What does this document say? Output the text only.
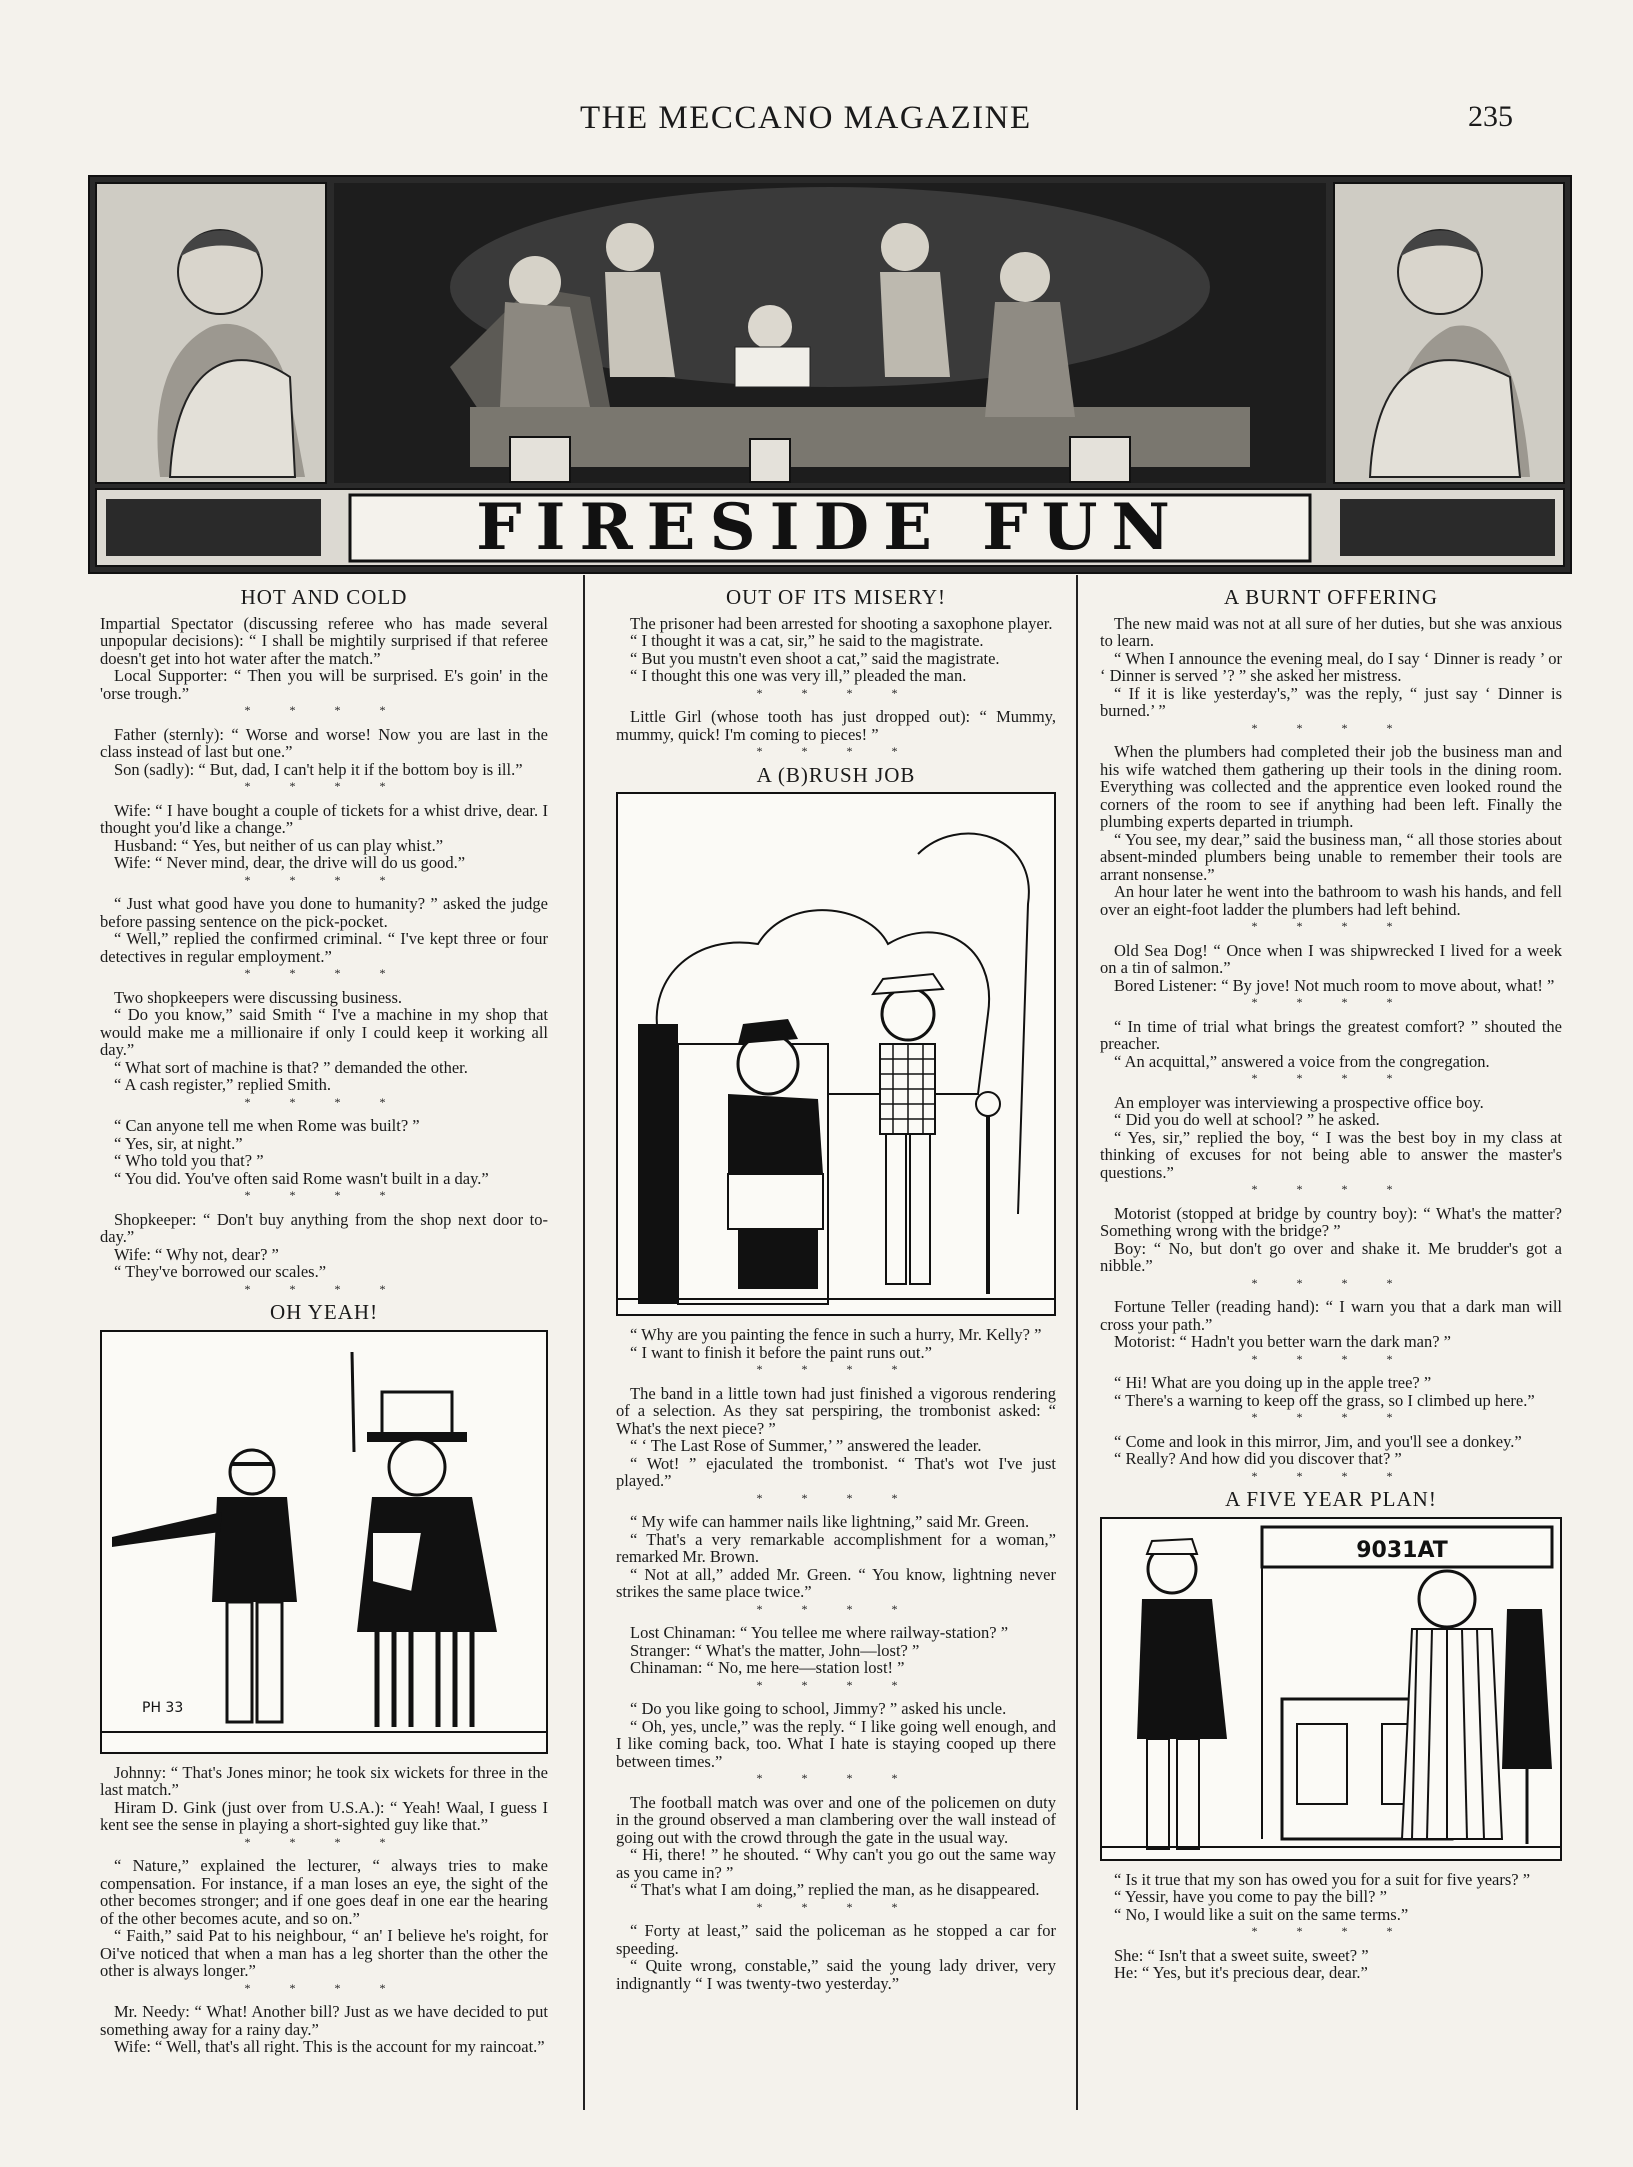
THE MECCANO MAGAZINE	235
FIRESIDE FUN
HOT AND COLD

Impartial Spectator (discussing referee who has made several unpopular decisions): “ I shall be mightily surprised if that referee doesn't get into hot water after the match.”

Local Supporter: “ Then you will be surprised. E's goin' in the 'orse trough.”

* * * *

Father (sternly): “ Worse and worse! Now you are last in the class instead of last but one.”

Son (sadly): “ But, dad, I can't help it if the bottom boy is ill.”

* * * *

Wife: “ I have bought a couple of tickets for a whist drive, dear. I thought you'd like a change.”

Husband: “ Yes, but neither of us can play whist.”

Wife: “ Never mind, dear, the drive will do us good.”

* * * *

“ Just what good have you done to humanity? ” asked the judge before passing sentence on the pick-pocket.

“ Well,” replied the confirmed criminal. “ I've kept three or four detectives in regular employment.”

* * * *

Two shopkeepers were discussing business.

“ Do you know,” said Smith “ I've a machine in my shop that would make me a millionaire if only I could keep it working all day.”

“ What sort of machine is that? ” demanded the other.

“ A cash register,” replied Smith.

* * * *

“ Can anyone tell me when Rome was built? ”

“ Yes, sir, at night.”

“ Who told you that? ”

“ You did. You've often said Rome wasn't built in a day.”

* * * *

Shopkeeper: “ Don't buy anything from the shop next door to-day.”

Wife: “ Why not, dear? ”

“ They've borrowed our scales.”

* * * *
OH YEAH!
PH 33

Johnny: “ That's Jones minor; he took six wickets for three in the last match.”

Hiram D. Gink (just over from U.S.A.): “ Yeah! Waal, I guess I kent see the sense in playing a short-sighted guy like that.”

* * * *

“ Nature,” explained the lecturer, “ always tries to make compensation. For instance, if a man loses an eye, the sight of the other becomes stronger; and if one goes deaf in one ear the hearing of the other becomes acute, and so on.”

“ Faith,” said Pat to his neighbour, “ an' I believe he's roight, for Oi've noticed that when a man has a leg shorter than the other the other is always longer.”

* * * *

Mr. Needy: “ What! Another bill? Just as we have decided to put something away for a rainy day.”

Wife: “ Well, that's all right. This is the account for my raincoat.”

OUT OF ITS MISERY!

The prisoner had been arrested for shooting a saxophone player.

“ I thought it was a cat, sir,” he said to the magistrate.

“ But you mustn't even shoot a cat,” said the magistrate.

“ I thought this one was very ill,” pleaded the man.

* * * *

Little Girl (whose tooth has just dropped out): “ Mummy, mummy, quick! I'm coming to pieces! ”

* * * *
A (B)RUSH JOB

“ Why are you painting the fence in such a hurry, Mr. Kelly? ”

“ I want to finish it before the paint runs out.”

* * * *

The band in a little town had just finished a vigorous rendering of a selection. As they sat perspiring, the trombonist asked: “ What's the next piece? ”

“ ‘ The Last Rose of Summer,’ ” answered the leader.

“ Wot! ” ejaculated the trombonist. “ That's wot I've just played.”

* * * *

“ My wife can hammer nails like lightning,” said Mr. Green.

“ That's a very remarkable accomplishment for a woman,” remarked Mr. Brown.

“ Not at all,” added Mr. Green. “ You know, lightning never strikes the same place twice.”

* * * *

Lost Chinaman: “ You tellee me where railway-station? ”

Stranger: “ What's the matter, John—lost? ”

Chinaman: “ No, me here—station lost! ”

* * * *

“ Do you like going to school, Jimmy? ” asked his uncle.

“ Oh, yes, uncle,” was the reply. “ I like going well enough, and I like coming back, too. What I hate is staying cooped up there between times.”

* * * *

The football match was over and one of the policemen on duty in the ground observed a man clambering over the wall instead of going out with the crowd through the gate in the usual way.

“ Hi, there! ” he shouted. “ Why can't you go out the same way as you came in? ”

“ That's what I am doing,” replied the man, as he disappeared.

* * * *

“ Forty at least,” said the policeman as he stopped a car for speeding.

“ Quite wrong, constable,” said the young lady driver, very indignantly “ I was twenty-two yesterday.”

A BURNT OFFERING

The new maid was not at all sure of her duties, but she was anxious to learn.

“ When I announce the evening meal, do I say ‘ Dinner is ready ’ or ‘ Dinner is served ’? ” she asked her mistress.

“ If it is like yesterday's,” was the reply, “ just say ‘ Dinner is burned.’ ”

* * * *

When the plumbers had completed their job the business man and his wife watched them gathering up their tools in the dining room. Everything was collected and the apprentice even looked round the corners of the room to see if anything had been left. Finally the plumbing experts departed in triumph.

“ You see, my dear,” said the business man, “ all those stories about absent-minded plumbers being unable to remember their tools are arrant nonsense.”

An hour later he went into the bathroom to wash his hands, and fell over an eight-foot ladder the plumbers had left behind.

* * * *

Old Sea Dog! “ Once when I was shipwrecked I lived for a week on a tin of salmon.”

Bored Listener: “ By jove! Not much room to move about, what! ”

* * * *

“ In time of trial what brings the greatest comfort? ” shouted the preacher.

“ An acquittal,” answered a voice from the congregation.

* * * *

An employer was interviewing a prospective office boy.

“ Did you do well at school? ” he asked.

“ Yes, sir,” replied the boy, “ I was the best boy in my class at thinking of excuses for not being able to answer the master's questions.”

* * * *

Motorist (stopped at bridge by country boy): “ What's the matter? Something wrong with the bridge? ”

Boy: “ No, but don't go over and shake it. Me brudder's got a nibble.”

* * * *

Fortune Teller (reading hand): “ I warn you that a dark man will cross your path.”

Motorist: “ Hadn't you better warn the dark man? ”

* * * *

“ Hi! What are you doing up in the apple tree? ”

“ There's a warning to keep off the grass, so I climbed up here.”

* * * *

“ Come and look in this mirror, Jim, and you'll see a donkey.”

“ Really? And how did you discover that? ”

* * * *
A FIVE YEAR PLAN!
9031AT

“ Is it true that my son has owed you for a suit for five years? ”

“ Yessir, have you come to pay the bill? ”

“ No, I would like a suit on the same terms.”

* * * *

She: “ Isn't that a sweet suite, sweet? ”

He: “ Yes, but it's precious dear, dear.”
